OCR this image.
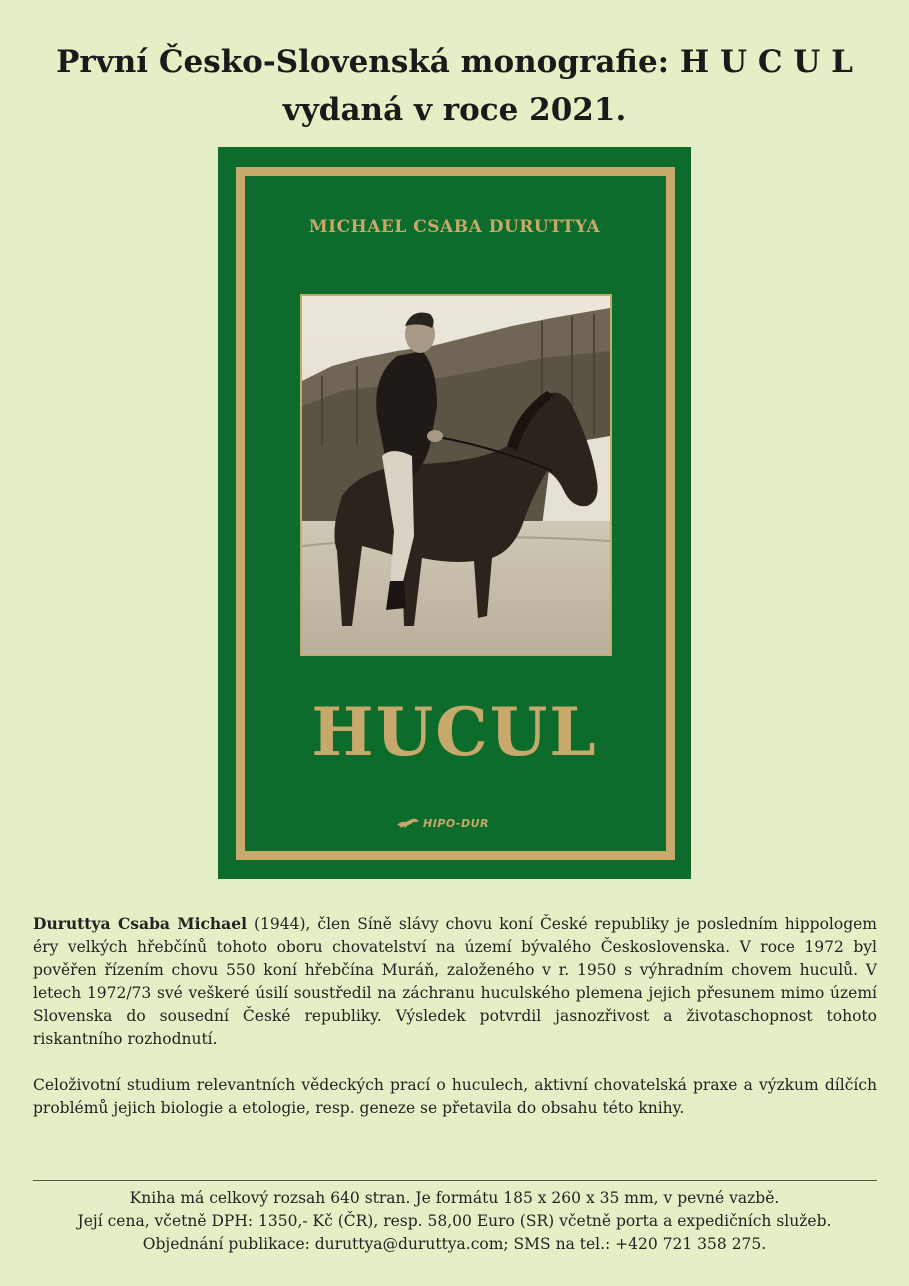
První Česko-Slovenská monografie: H U C U L
vydaná v roce 2021.
MICHAEL CSABA DURUTTYA
HUCUL
HIPO-DUR

Duruttya Csaba Michael (1944), člen Síně slávy chovu koní České republiky je posledním hippologem éry velkých hřebčínů tohoto oboru chovatelství na území bývalého Československa. V roce 1972 byl pověřen řízením chovu 550 koní hřebčína Muráň, založeného v r. 1950 s výhradním chovem huculů. V letech 1972/73 své veškeré úsilí soustředil na záchranu huculského plemena jejich přesunem mimo území Slovenska do sousední České republiky. Výsledek potvrdil jasnozřivost a životaschopnost tohoto riskantního rozhodnutí.

Celoživotní studium relevantních vědeckých prací o huculech, aktivní chovatelská praxe a výzkum dílčích problémů jejich biologie a etologie, resp. geneze se přetavila do obsahu této knihy.

Kniha má celkový rozsah 640 stran. Je formátu 185 x 260 x 35 mm, v pevné vazbě.
Její cena, včetně DPH: 1350,- Kč (ČR), resp. 58,00 Euro (SR) včetně porta a expedičních služeb.
Objednání publikace: duruttya@duruttya.com; SMS na tel.: +420 721 358 275.
